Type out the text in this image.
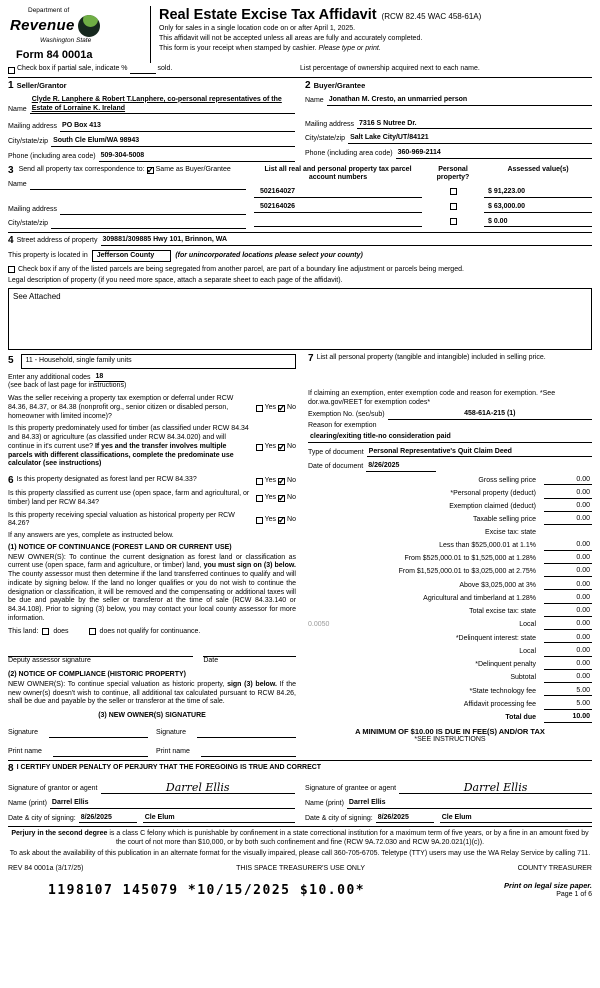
Department of
Revenue
Washington State
Form 84 0001a
Real Estate Excise Tax Affidavit (RCW 82.45 WAC 458-61A)
Only for sales in a single location code on or after April 1, 2025.
This affidavit will not be accepted unless all areas are fully and accurately completed.
This form is your receipt when stamped by cashier. Please type or print.
Check box if partial sale, indicate %	sold.	List percentage of ownership acquired next to each name.
1 Seller/Grantor
Name
Clyde R. Lanphere & Robert T.Lanphere, co-personal representatives of the Estate of Lorraine K. Ireland
Mailing address PO Box 413
City/state/zip South Cle Elum/WA 98943
Phone (including area code) 509-304-5008
2 Buyer/Grantee
Name Jonathan M. Cresto, an unmarried person
Mailing address 7316 S Nutree Dr.
City/state/zip Salt Lake City/UT/84121
Phone (including area code) 360-969-2114
3 Send all property tax correspondence to: ✓ Same as Buyer/Grantee
Name
Mailing address
City/state/zip
List all real and personal property tax parcel account numbers
Personal property?
Assessed value(s)
502164027	$ 91,223.00
502164026	$ 63,000.00
$ 0.00
4 Street address of property 309881/309885 Hwy 101, Brinnon, WA
This property is located in	Jefferson County	(for unincorporated locations please select your county)
Check box if any of the listed parcels are being segregated from another parcel, are part of a boundary line adjustment or parcels being merged.
Legal description of property (if you need more space, attach a separate sheet to each page of the affidavit).
See Attached
5	11 - Household, single family units
Enter any additional codes 18
(see back of last page for instructions)
Was the seller receiving a property tax exemption or deferral under RCW 84.36, 84.37, or 84.38 (nonprofit org., senior citizen or disabled person, homeowner with limited income)?
Yes ✓ No
Is this property predominately used for timber (as classified under RCW 84.34 and 84.33) or agriculture (as classified under RCW 84.34.020) and will continue in it's current use? If yes and the transfer involves multiple parcels with different classifications, complete the predominate use calculator (see instructions)
Yes ✓ No
6 Is this property designated as forest land per RCW 84.33?	Yes ✓ No
Is this property classified as current use (open space, farm and agricultural, or timber) land per RCW 84.34?
Yes ✓ No
Is this property receiving special valuation as historical property per RCW 84.26?
Yes ✓ No
If any answers are yes, complete as instructed below.
(1) NOTICE OF CONTINUANCE (FOREST LAND OR CURRENT USE)
NEW OWNER(S): To continue the current designation as forest land or classification as current use (open space, farm and agriculture, or timber) land, you must sign on (3) below. The county assessor must then determine if the land transferred continues to qualify and will indicate by signing below. If the land no longer qualifies or you do not wish to continue the designation or classification, it will be removed and the compensating or additional taxes will be due and payable by the seller or transferor at the time of sale (RCW 84.33.140 or 84.34.108). Prior to signing (3) below, you may contact your local county assessor for more information.
This land: does	does not qualify for continuance.
Deputy assessor signature	Date
(2) NOTICE OF COMPLIANCE (HISTORIC PROPERTY)
NEW OWNER(S): To continue special valuation as historic property, sign (3) below. If the new owner(s) doesn't wish to continue, all additional tax calculated pursuant to RCW 84.26, shall be due and payable by the seller or transferor at the time of sale.
(3) NEW OWNER(S) SIGNATURE
Signature	Signature
Print name	Print name
7 List all personal property (tangible and intangible) included in selling price.
If claiming an exemption, enter exemption code and reason for exemption. *See dor.wa.gov/REET for exemption codes*
Exemption No. (sec/sub)	458-61A-215 (1)
Reason for exemption
clearing/exiting title-no consideration paid
Type of document Personal Representative's Quit Claim Deed
Date of document 8/26/2025
Gross selling price	0.00
*Personal property (deduct)	0.00
Exemption claimed (deduct)	0.00
Taxable selling price	0.00
Excise tax: state
Less than $525,000.01 at 1.1%	0.00
From $525,000.01 to $1,525,000 at 1.28%	0.00
From $1,525,000.01 to $3,025,000 at 2.75%	0.00
Above $3,025,000 at 3%	0.00
Agricultural and timberland at 1.28%	0.00
Total excise tax: state	0.00
0.0050	Local	0.00
*Delinquent interest: state	0.00
Local	0.00
*Delinquent penalty	0.00
Subtotal	0.00
*State technology fee	5.00
Affidavit processing fee	5.00
Total due	10.00
A MINIMUM OF $10.00 IS DUE IN FEE(S) AND/OR TAX
*SEE INSTRUCTIONS
8 I CERTIFY UNDER PENALTY OF PERJURY THAT THE FOREGOING IS TRUE AND CORRECT
Signature of grantor or agent	Darrel Ellis
Name (print) Darrel Ellis
Date & city of signing: 8/26/2025	Cle Elum
Signature of grantee or agent	Darrel Ellis
Name (print) Darrel Ellis
Date & city of signing: 8/26/2025	Cle Elum
Perjury in the second degree is a class C felony which is punishable by confinement in a state correctional institution for a maximum term of five years, or by a fine in an amount fixed by the court of not more than $10,000, or by both such confinement and fine (RCW 9A.72.030 and RCW 9A.20.021(1)(c)).
To ask about the availability of this publication in an alternate format for the visually impaired, please call 360-705-6705. Teletype (TTY) users may use the WA Relay Service by calling 711.
REV 84 0001a (3/17/25)	THIS SPACE TREASURER'S USE ONLY	COUNTY TREASURER
1198107 145079 *10/15/2025 $10.00*	Print on legal size paper.
Page 1 of 6
